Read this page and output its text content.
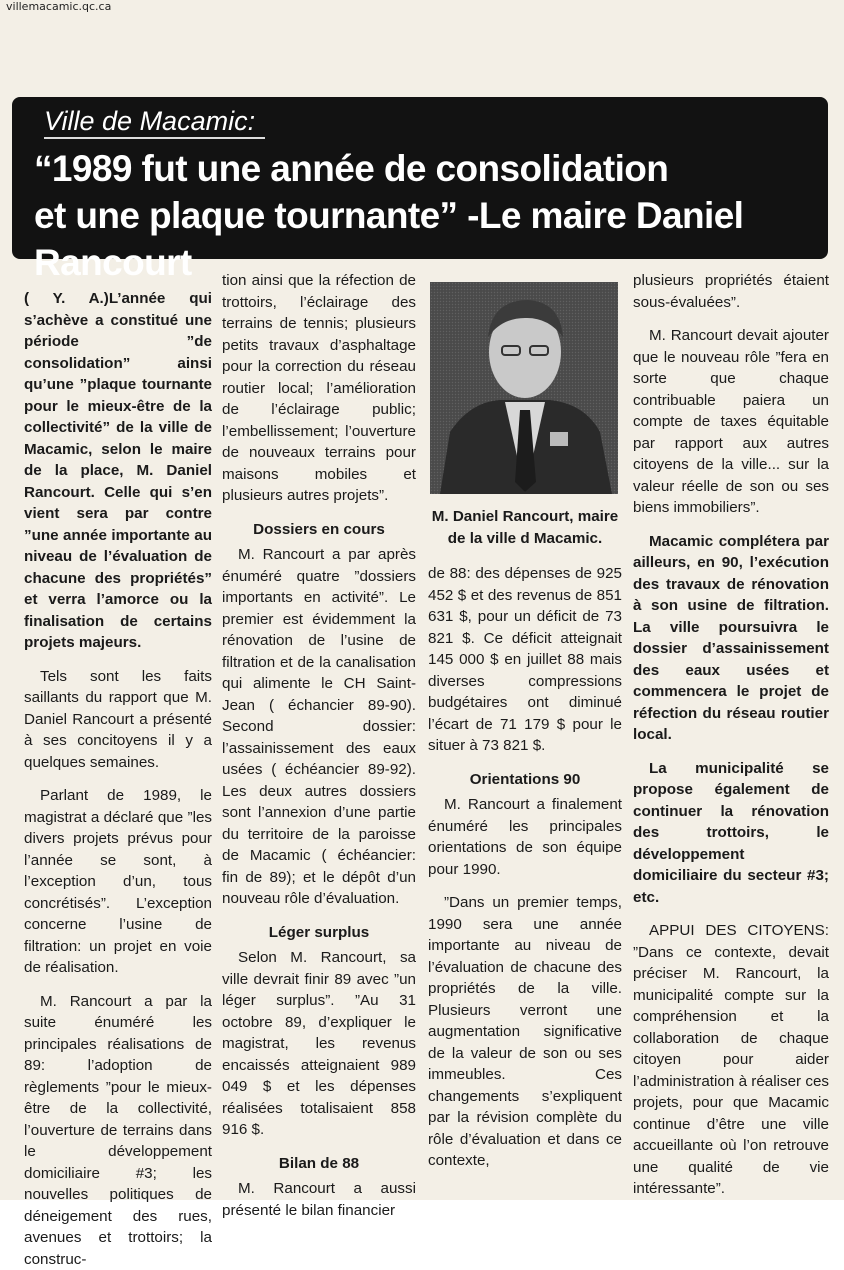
villemacamic.qc.ca
Ville de Macamic:
“1989 fut une année de consolidation
et une plaque tournante” -Le maire Daniel Rancourt

( Y. A.)L’année qui s’achève a constitué une période ”de consolidation” ainsi qu’une ”plaque tournante pour le mieux-être de la collectivité” de la ville de Macamic, selon le maire de la place, M. Daniel Rancourt. Celle qui s’en vient sera par contre ”une année importante au niveau de l’évaluation de chacune des propriétés” et verra l’amorce ou la finalisation de certains projets majeurs.

Tels sont les faits saillants du rapport que M. Daniel Rancourt a présenté à ses concitoyens il y a quelques semaines.

Parlant de 1989, le magistrat a déclaré que ”les divers projets prévus pour l’année se sont, à l’exception d’un, tous concrétisés”. L’exception concerne l’usine de filtration: un projet en voie de réalisation.

M. Rancourt a par la suite énuméré les principales réalisations de 89: l’adoption de règlements ”pour le mieux-être de la collectivité, l’ouverture de terrains dans le développement domiciliaire #3; les nouvelles politiques de déneigement des rues, avenues et trottoirs; la construc-

tion ainsi que la réfection de trottoirs, l’éclairage des terrains de tennis; plusieurs petits travaux d’asphaltage pour la correction du réseau routier local; l’amélioration de l’éclairage public; l’embellissement; l’ouverture de nouveaux terrains pour maisons mobiles et plusieurs autres projets”.

Dossiers en cours

M. Rancourt a par après énuméré quatre ”dossiers importants en activité”. Le premier est évidemment la rénovation de l’usine de filtration et de la canalisation qui alimente le CH Saint-Jean ( échancier 89-90). Second dossier: l’assainissement des eaux usées ( échéancier 89-92). Les deux autres dossiers sont l’annexion d’une partie du territoire de la paroisse de Macamic ( échéancier: fin de 89); et le dépôt d’un nouveau rôle d’évaluation.

Léger surplus

Selon M. Rancourt, sa ville devrait finir 89 avec ”un léger surplus”. ”Au 31 octobre 89, d’expliquer le magistrat, les revenus encaissés atteignaient 989 049 $ et les dépenses réalisées totalisaient 858 916 $.

Bilan de 88

M. Rancourt a aussi présenté le bilan financier

M. Daniel Rancourt, maire de la ville d Macamic.

de 88: des dépenses de 925 452 $ et des revenus de 851 631 $, pour un déficit de 73 821 $. Ce déficit atteignait 145 000 $ en juillet 88 mais diverses compressions budgétaires ont diminué l’écart de 71 179 $ pour le situer à 73 821 $.

Orientations 90

M. Rancourt a finalement énuméré les principales orientations de son équipe pour 1990.

”Dans un premier temps, 1990 sera une année importante au niveau de l’évaluation de chacune des propriétés de la ville. Plusieurs verront une augmentation significative de la valeur de son ou ses immeubles. Ces changements s’expliquent par la révision complète du rôle d’évaluation et dans ce contexte,

plusieurs propriétés étaient sous-évaluées”.

M. Rancourt devait ajouter que le nouveau rôle ”fera en sorte que chaque contribuable paiera un compte de taxes équitable par rapport aux autres citoyens de la ville... sur la valeur réelle de son ou ses biens immobiliers”.

Macamic complétera par ailleurs, en 90, l’exécution des travaux de rénovation à son usine de filtration. La ville poursuivra le dossier d’assainissement des eaux usées et commencera le projet de réfection du réseau routier local.

La municipalité se propose également de continuer la rénovation des trottoirs, le développement domiciliaire du secteur #3; etc.

APPUI DES CITOYENS: ”Dans ce contexte, devait préciser M. Rancourt, la municipalité compte sur la compréhension et la collaboration de chaque citoyen pour aider l’administration à réaliser ces projets, pour que Macamic continue d’être une ville accueillante où l’on retrouve une qualité de vie intéressante”.
